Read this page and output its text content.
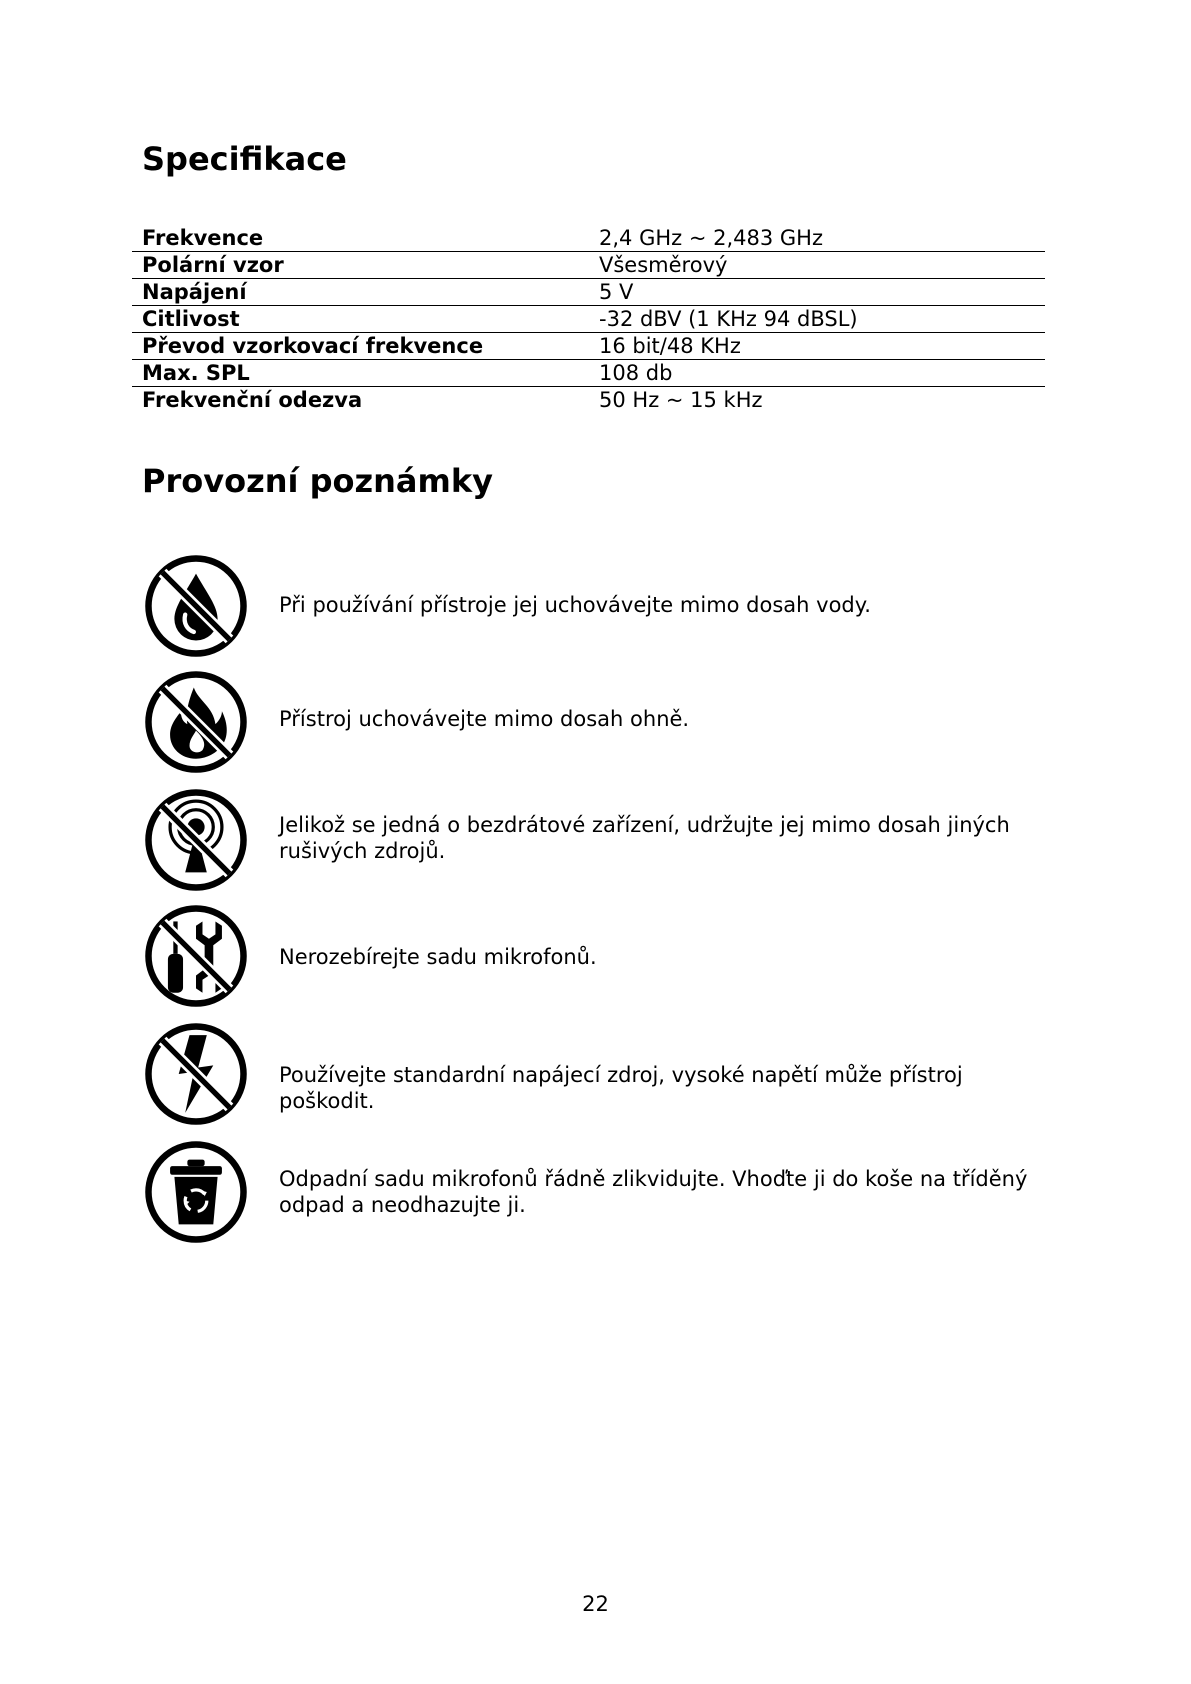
Specifikace
Frekvence	2,4 GHz ~ 2,483 GHz
Polární vzor	Všesměrový
Napájení	5 V
Citlivost	-32 dBV (1 KHz 94 dBSL)
Převod vzorkovací frekvence	16 bit/48 KHz
Max. SPL	108 db
Frekvenční odezva	50 Hz ~ 15 kHz
Provozní poznámky
Při používání přístroje jej uchovávejte mimo dosah vody.
Přístroj uchovávejte mimo dosah ohně.
Jelikož se jedná o bezdrátové zařízení, udržujte jej mimo dosah jiných rušivých zdrojů.
Nerozebírejte sadu mikrofonů.
Používejte standardní napájecí zdroj, vysoké napětí může přístroj poškodit.
Odpadní sadu mikrofonů řádně zlikvidujte. Vhoďte ji do koše na tříděný odpad a neodhazujte ji.
22
